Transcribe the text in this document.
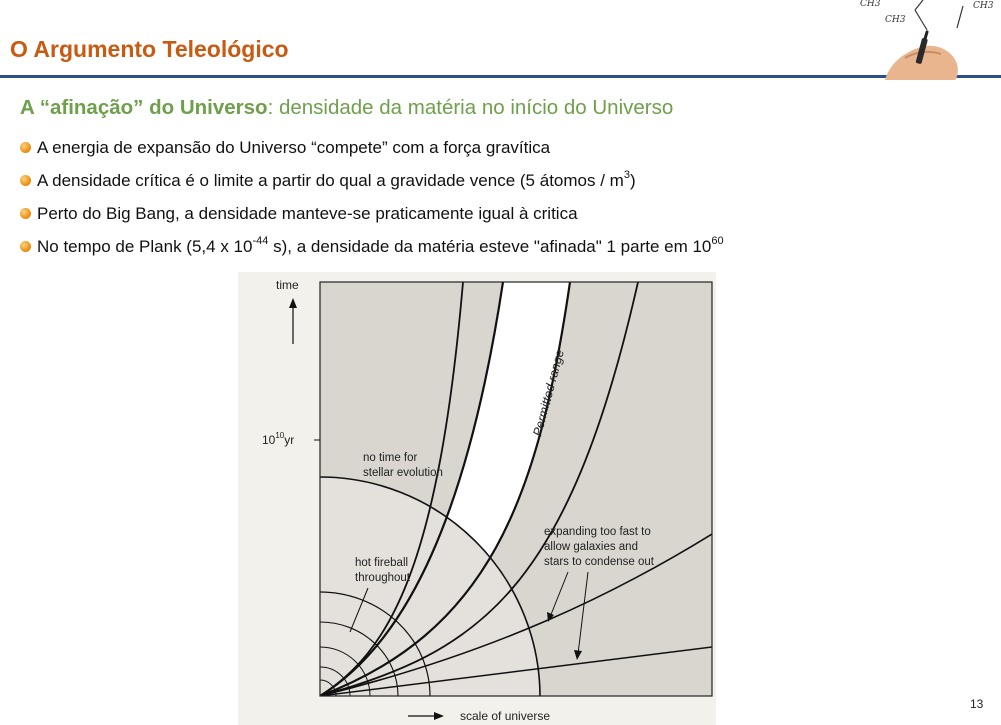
O Argumento Teleológico
CH3
CH3
CH3
A “afinação” do Universo: densidade da matéria no início do Universo
A energia de expansão do Universo “compete” com a força gravítica
A densidade crítica é o limite a partir do qual a gravidade vence (5 átomos / $m^3$)
Perto do Big Bang, a densidade manteve-se praticamente igual à critica
No tempo de Plank (5,4 x $10^{-44}$ s), a densidade da matéria esteve "afinada" 1 parte em $10^{60}$
time
$10^{10}yr$
no time for
stellar evolution
hot fireball
throughout
expanding too fast to
allow galaxies and
stars to condense out
Permitted range
scale of universe
13
